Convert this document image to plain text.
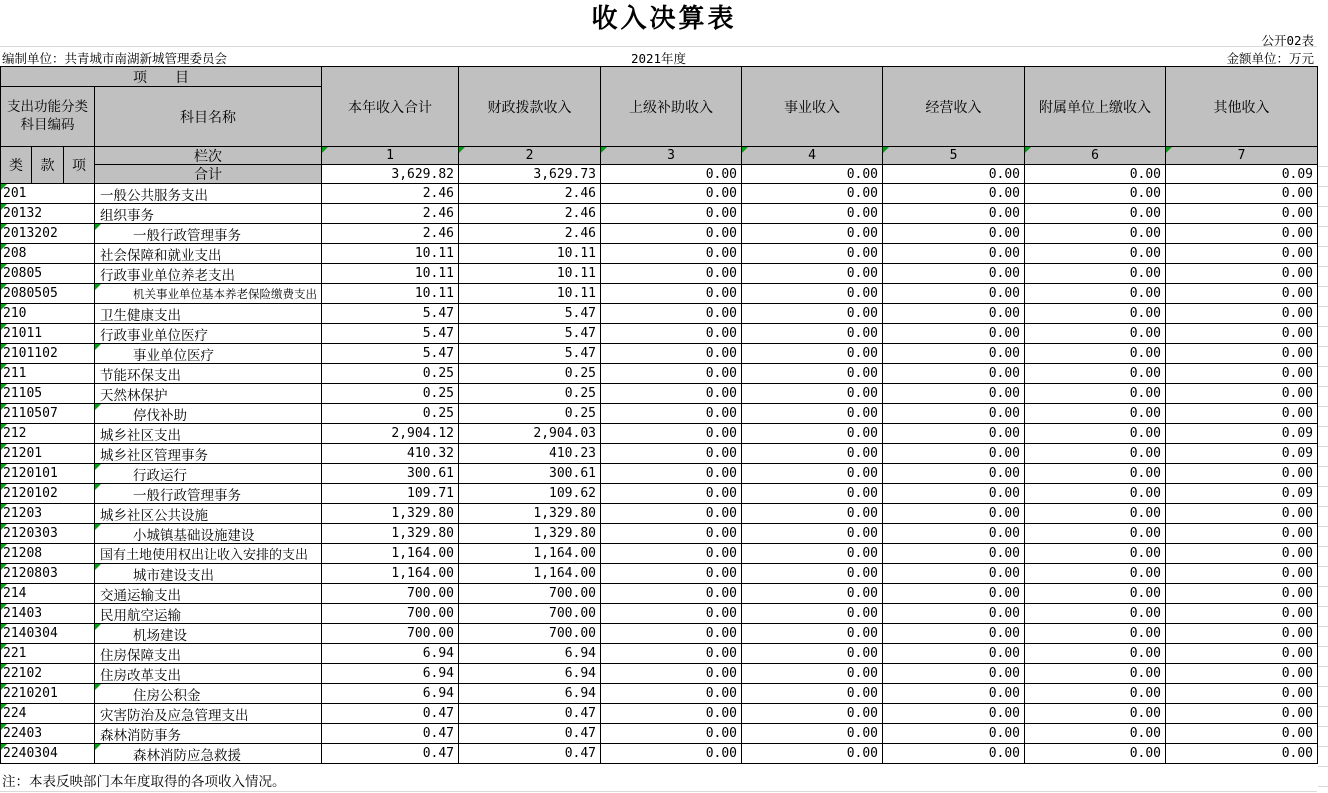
收入决算表
公开02表
2021年度
编制单位：共青城市南湖新城管理委员会	金额单位：万元
项　　目
支出功能分类
科目编码	科目名称
本年收入合计	财政拨款收入	上级补助收入	事业收入	经营收入	附属单位上缴收入	其他收入
类	款	项
栏次	1	2	3	4	5	6	7
合计	3,629.82	3,629.73	0.00	0.00	0.00	0.00	0.09
201	一般公共服务支出	2.46	2.46	0.00	0.00	0.00	0.00	0.00
20132	组织事务	2.46	2.46	0.00	0.00	0.00	0.00	0.00
2013202	一般行政管理事务	2.46	2.46	0.00	0.00	0.00	0.00	0.00
208	社会保障和就业支出	10.11	10.11	0.00	0.00	0.00	0.00	0.00
20805	行政事业单位养老支出	10.11	10.11	0.00	0.00	0.00	0.00	0.00
2080505	机关事业单位基本养老保险缴费支出	10.11	10.11	0.00	0.00	0.00	0.00	0.00
210	卫生健康支出	5.47	5.47	0.00	0.00	0.00	0.00	0.00
21011	行政事业单位医疗	5.47	5.47	0.00	0.00	0.00	0.00	0.00
2101102	事业单位医疗	5.47	5.47	0.00	0.00	0.00	0.00	0.00
211	节能环保支出	0.25	0.25	0.00	0.00	0.00	0.00	0.00
21105	天然林保护	0.25	0.25	0.00	0.00	0.00	0.00	0.00
2110507	停伐补助	0.25	0.25	0.00	0.00	0.00	0.00	0.00
212	城乡社区支出	2,904.12	2,904.03	0.00	0.00	0.00	0.00	0.09
21201	城乡社区管理事务	410.32	410.23	0.00	0.00	0.00	0.00	0.09
2120101	行政运行	300.61	300.61	0.00	0.00	0.00	0.00	0.00
2120102	一般行政管理事务	109.71	109.62	0.00	0.00	0.00	0.00	0.09
21203	城乡社区公共设施	1,329.80	1,329.80	0.00	0.00	0.00	0.00	0.00
2120303	小城镇基础设施建设	1,329.80	1,329.80	0.00	0.00	0.00	0.00	0.00
21208	国有土地使用权出让收入安排的支出	1,164.00	1,164.00	0.00	0.00	0.00	0.00	0.00
2120803	城市建设支出	1,164.00	1,164.00	0.00	0.00	0.00	0.00	0.00
214	交通运输支出	700.00	700.00	0.00	0.00	0.00	0.00	0.00
21403	民用航空运输	700.00	700.00	0.00	0.00	0.00	0.00	0.00
2140304	机场建设	700.00	700.00	0.00	0.00	0.00	0.00	0.00
221	住房保障支出	6.94	6.94	0.00	0.00	0.00	0.00	0.00
22102	住房改革支出	6.94	6.94	0.00	0.00	0.00	0.00	0.00
2210201	住房公积金	6.94	6.94	0.00	0.00	0.00	0.00	0.00
224	灾害防治及应急管理支出	0.47	0.47	0.00	0.00	0.00	0.00	0.00
22403	森林消防事务	0.47	0.47	0.00	0.00	0.00	0.00	0.00
2240304	森林消防应急救援	0.47	0.47	0.00	0.00	0.00	0.00	0.00
注：本表反映部门本年度取得的各项收入情况。
